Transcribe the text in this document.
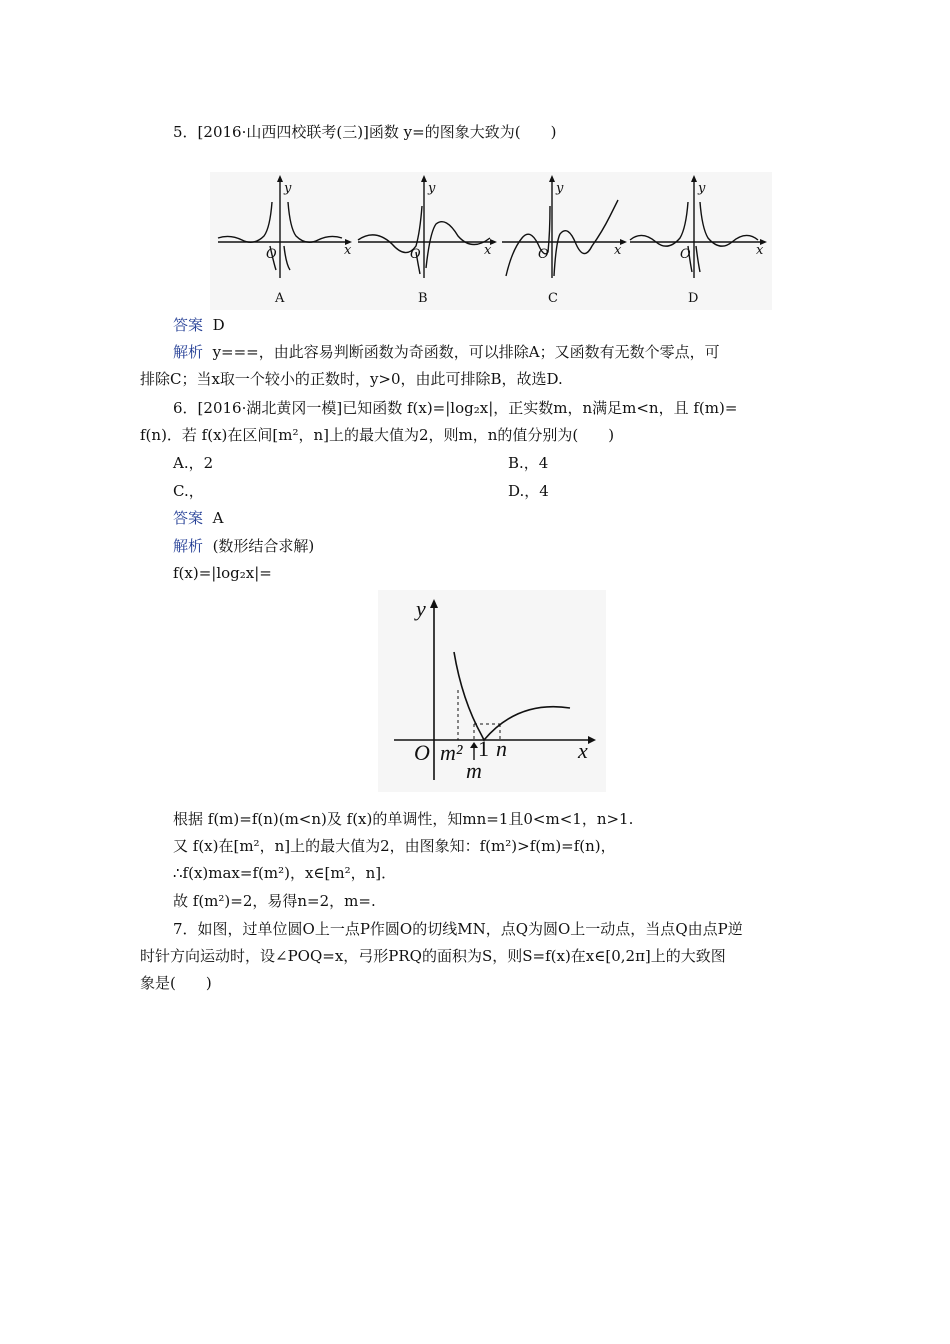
5．[2016·山西四校联考(三)]函数 y=的图象大致为(　　)
y
x
O
y
x
O
y
x
O
y
x
O
A	B	C	D
答案 D
解析 y===，由此容易判断函数为奇函数，可以排除A；又函数有无数个零点，可
排除C；当x取一个较小的正数时，y>0，由此可排除B，故选D.
6．[2016·湖北黄冈一模]已知函数 f(x)=|log₂x|，正实数m，n满足m<n，且 f(m)=
f(n)．若 f(x)在区间[m²，n]上的最大值为2，则m，n的值分别为(　　)
A.，2	B.，4
C.，	D.，4
答案 A
解析 (数形结合求解)
f(x)=|log₂x|=
y
x
O m² n
m
1
根据 f(m)=f(n)(m<n)及 f(x)的单调性，知mn=1且0<m<1，n>1.
又 f(x)在[m²，n]上的最大值为2，由图象知：f(m²)>f(m)=f(n)，
∴f(x)max=f(m²)，x∈[m²，n]．
故 f(m²)=2，易得n=2，m=.
7．如图，过单位圆O上一点P作圆O的切线MN，点Q为圆O上一动点，当点Q由点P逆
时针方向运动时，设∠POQ=x，弓形PRQ的面积为S，则S=f(x)在x∈[0,2π]上的大致图
象是(　　)
